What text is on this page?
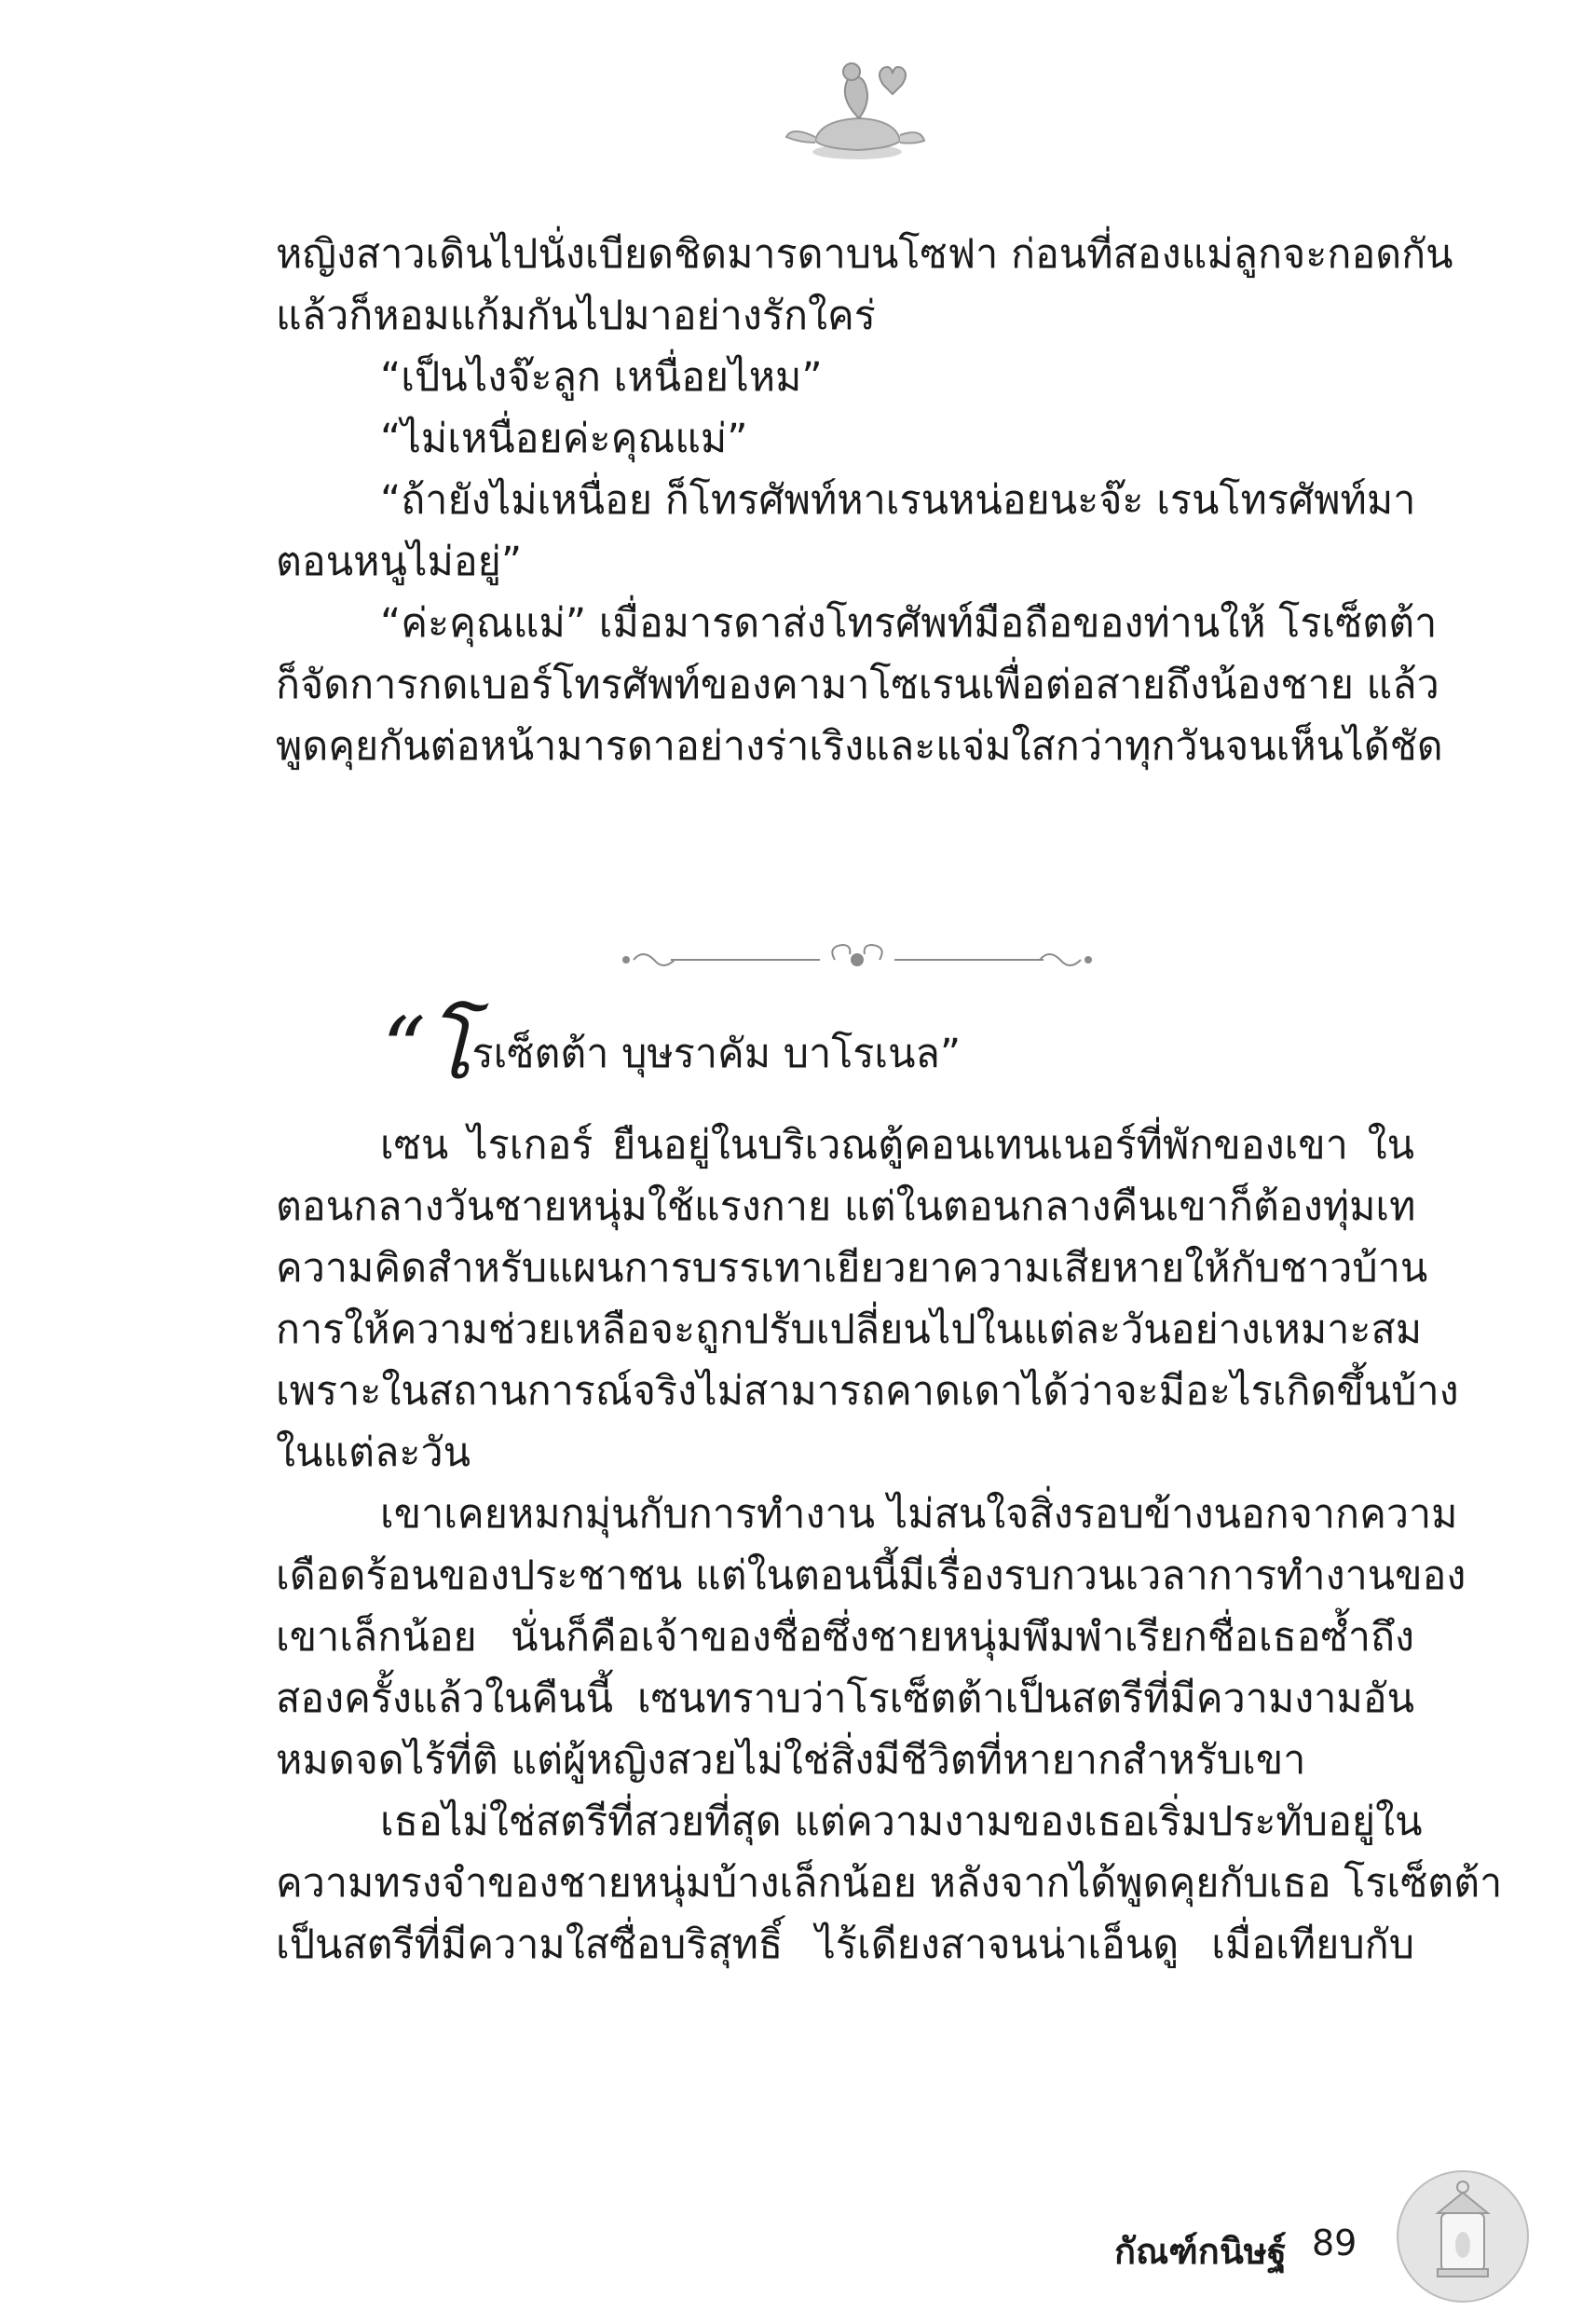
หญิงสาวเดินไปนั่งเบียดชิดมารดาบนโซฟา ก่อนที่สองแม่ลูกจะกอดกัน
แล้วก็หอมแก้มกันไปมาอย่างรักใคร่
“เป็นไงจ๊ะลูก เหนื่อยไหม”
“ไม่เหนื่อยค่ะคุณแม่”
“ถ้ายังไม่เหนื่อย ก็โทรศัพท์หาเรนหน่อยนะจ๊ะ เรนโทรศัพท์มา
ตอนหนูไม่อยู่”
“ค่ะคุณแม่” เมื่อมารดาส่งโทรศัพท์มือถือของท่านให้ โรเซ็ตต้า
ก็จัดการกดเบอร์โทรศัพท์ของคามาโซเรนเพื่อต่อสายถึงน้องชาย แล้ว
พูดคุยกันต่อหน้ามารดาอย่างร่าเริงและแจ่มใสกว่าทุกวันจนเห็นได้ชัด
“โรเซ็ตต้า บุษราคัม บาโรเนล”
เซน ไรเกอร์ ยืนอยู่ในบริเวณตู้คอนเทนเนอร์ที่พักของเขา ใน
ตอนกลางวันชายหนุ่มใช้แรงกาย แต่ในตอนกลางคืนเขาก็ต้องทุ่มเท
ความคิดสำหรับแผนการบรรเทาเยียวยาความเสียหายให้กับชาวบ้าน
การให้ความช่วยเหลือจะถูกปรับเปลี่ยนไปในแต่ละวันอย่างเหมาะสม
เพราะในสถานการณ์จริงไม่สามารถคาดเดาได้ว่าจะมีอะไรเกิดขึ้นบ้าง
ในแต่ละวัน
เขาเคยหมกมุ่นกับการทำงาน ไม่สนใจสิ่งรอบข้างนอกจากความ
เดือดร้อนของประชาชน แต่ในตอนนี้มีเรื่องรบกวนเวลาการทำงานของ
เขาเล็กน้อย นั่นก็คือเจ้าของชื่อซึ่งชายหนุ่มพึมพำเรียกชื่อเธอซ้ำถึง
สองครั้งแล้วในคืนนี้ เซนทราบว่าโรเซ็ตต้าเป็นสตรีที่มีความงามอัน
หมดจดไร้ที่ติ แต่ผู้หญิงสวยไม่ใช่สิ่งมีชีวิตที่หายากสำหรับเขา
เธอไม่ใช่สตรีที่สวยที่สุด แต่ความงามของเธอเริ่มประทับอยู่ใน
ความทรงจำของชายหนุ่มบ้างเล็กน้อย หลังจากได้พูดคุยกับเธอ โรเซ็ตต้า
เป็นสตรีที่มีความใสซื่อบริสุทธิ์ ไร้เดียงสาจนน่าเอ็นดู เมื่อเทียบกับ
กัณฑ์กนิษฐ์ 89
